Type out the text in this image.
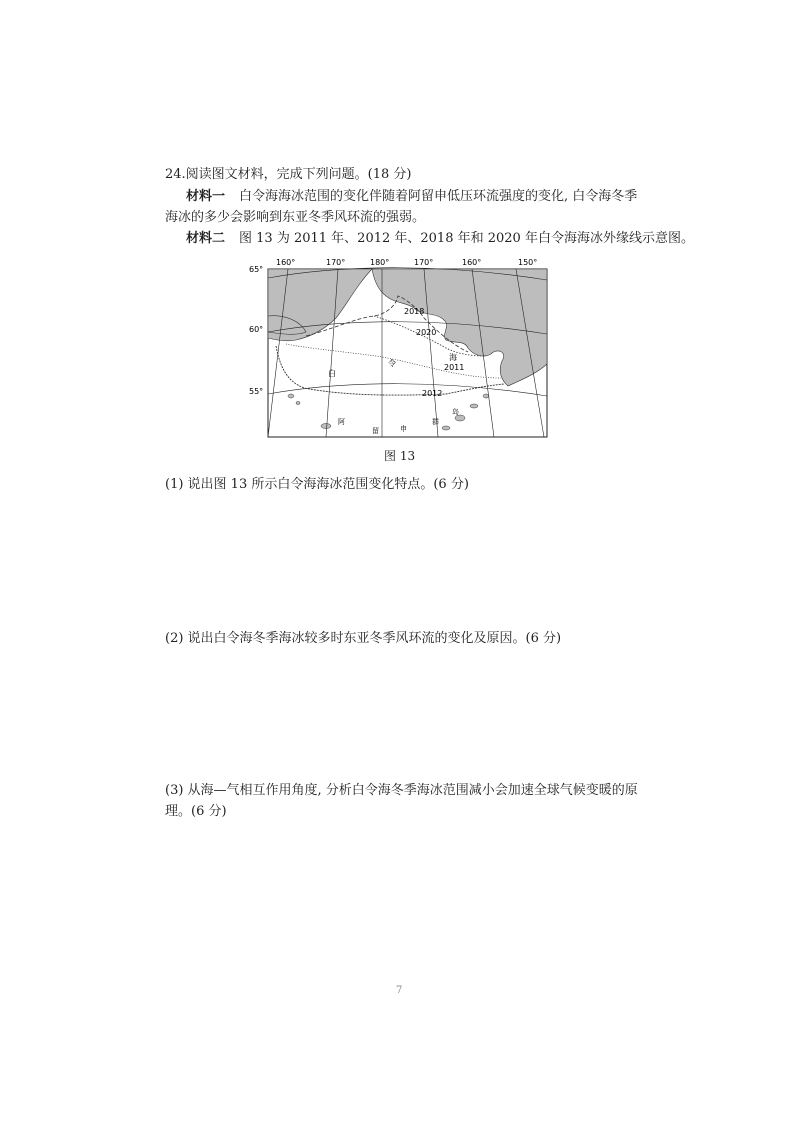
24.阅读图文材料，完成下列问题。(18 分)
材料一 白令海海冰范围的变化伴随着阿留申低压环流强度的变化, 白令海冬季海冰的多少会影响到东亚冬季风环流的强弱。
材料二 图 13 为 2011 年、2012 年、2018 年和 2020 年白令海海冰外缘线示意图。
160°	170°	180°	170°	160°	150°
65°
60°
55°
2018
2020
2011
2012
白
令
海
阿
留	申
群
岛
图 13
(1) 说出图 13 所示白令海海冰范围变化特点。(6 分)
(2) 说出白令海冬季海冰较多时东亚冬季风环流的变化及原因。(6 分)
(3) 从海—气相互作用角度, 分析白令海冬季海冰范围减小会加速全球气候变暖的原理。(6 分)
7
